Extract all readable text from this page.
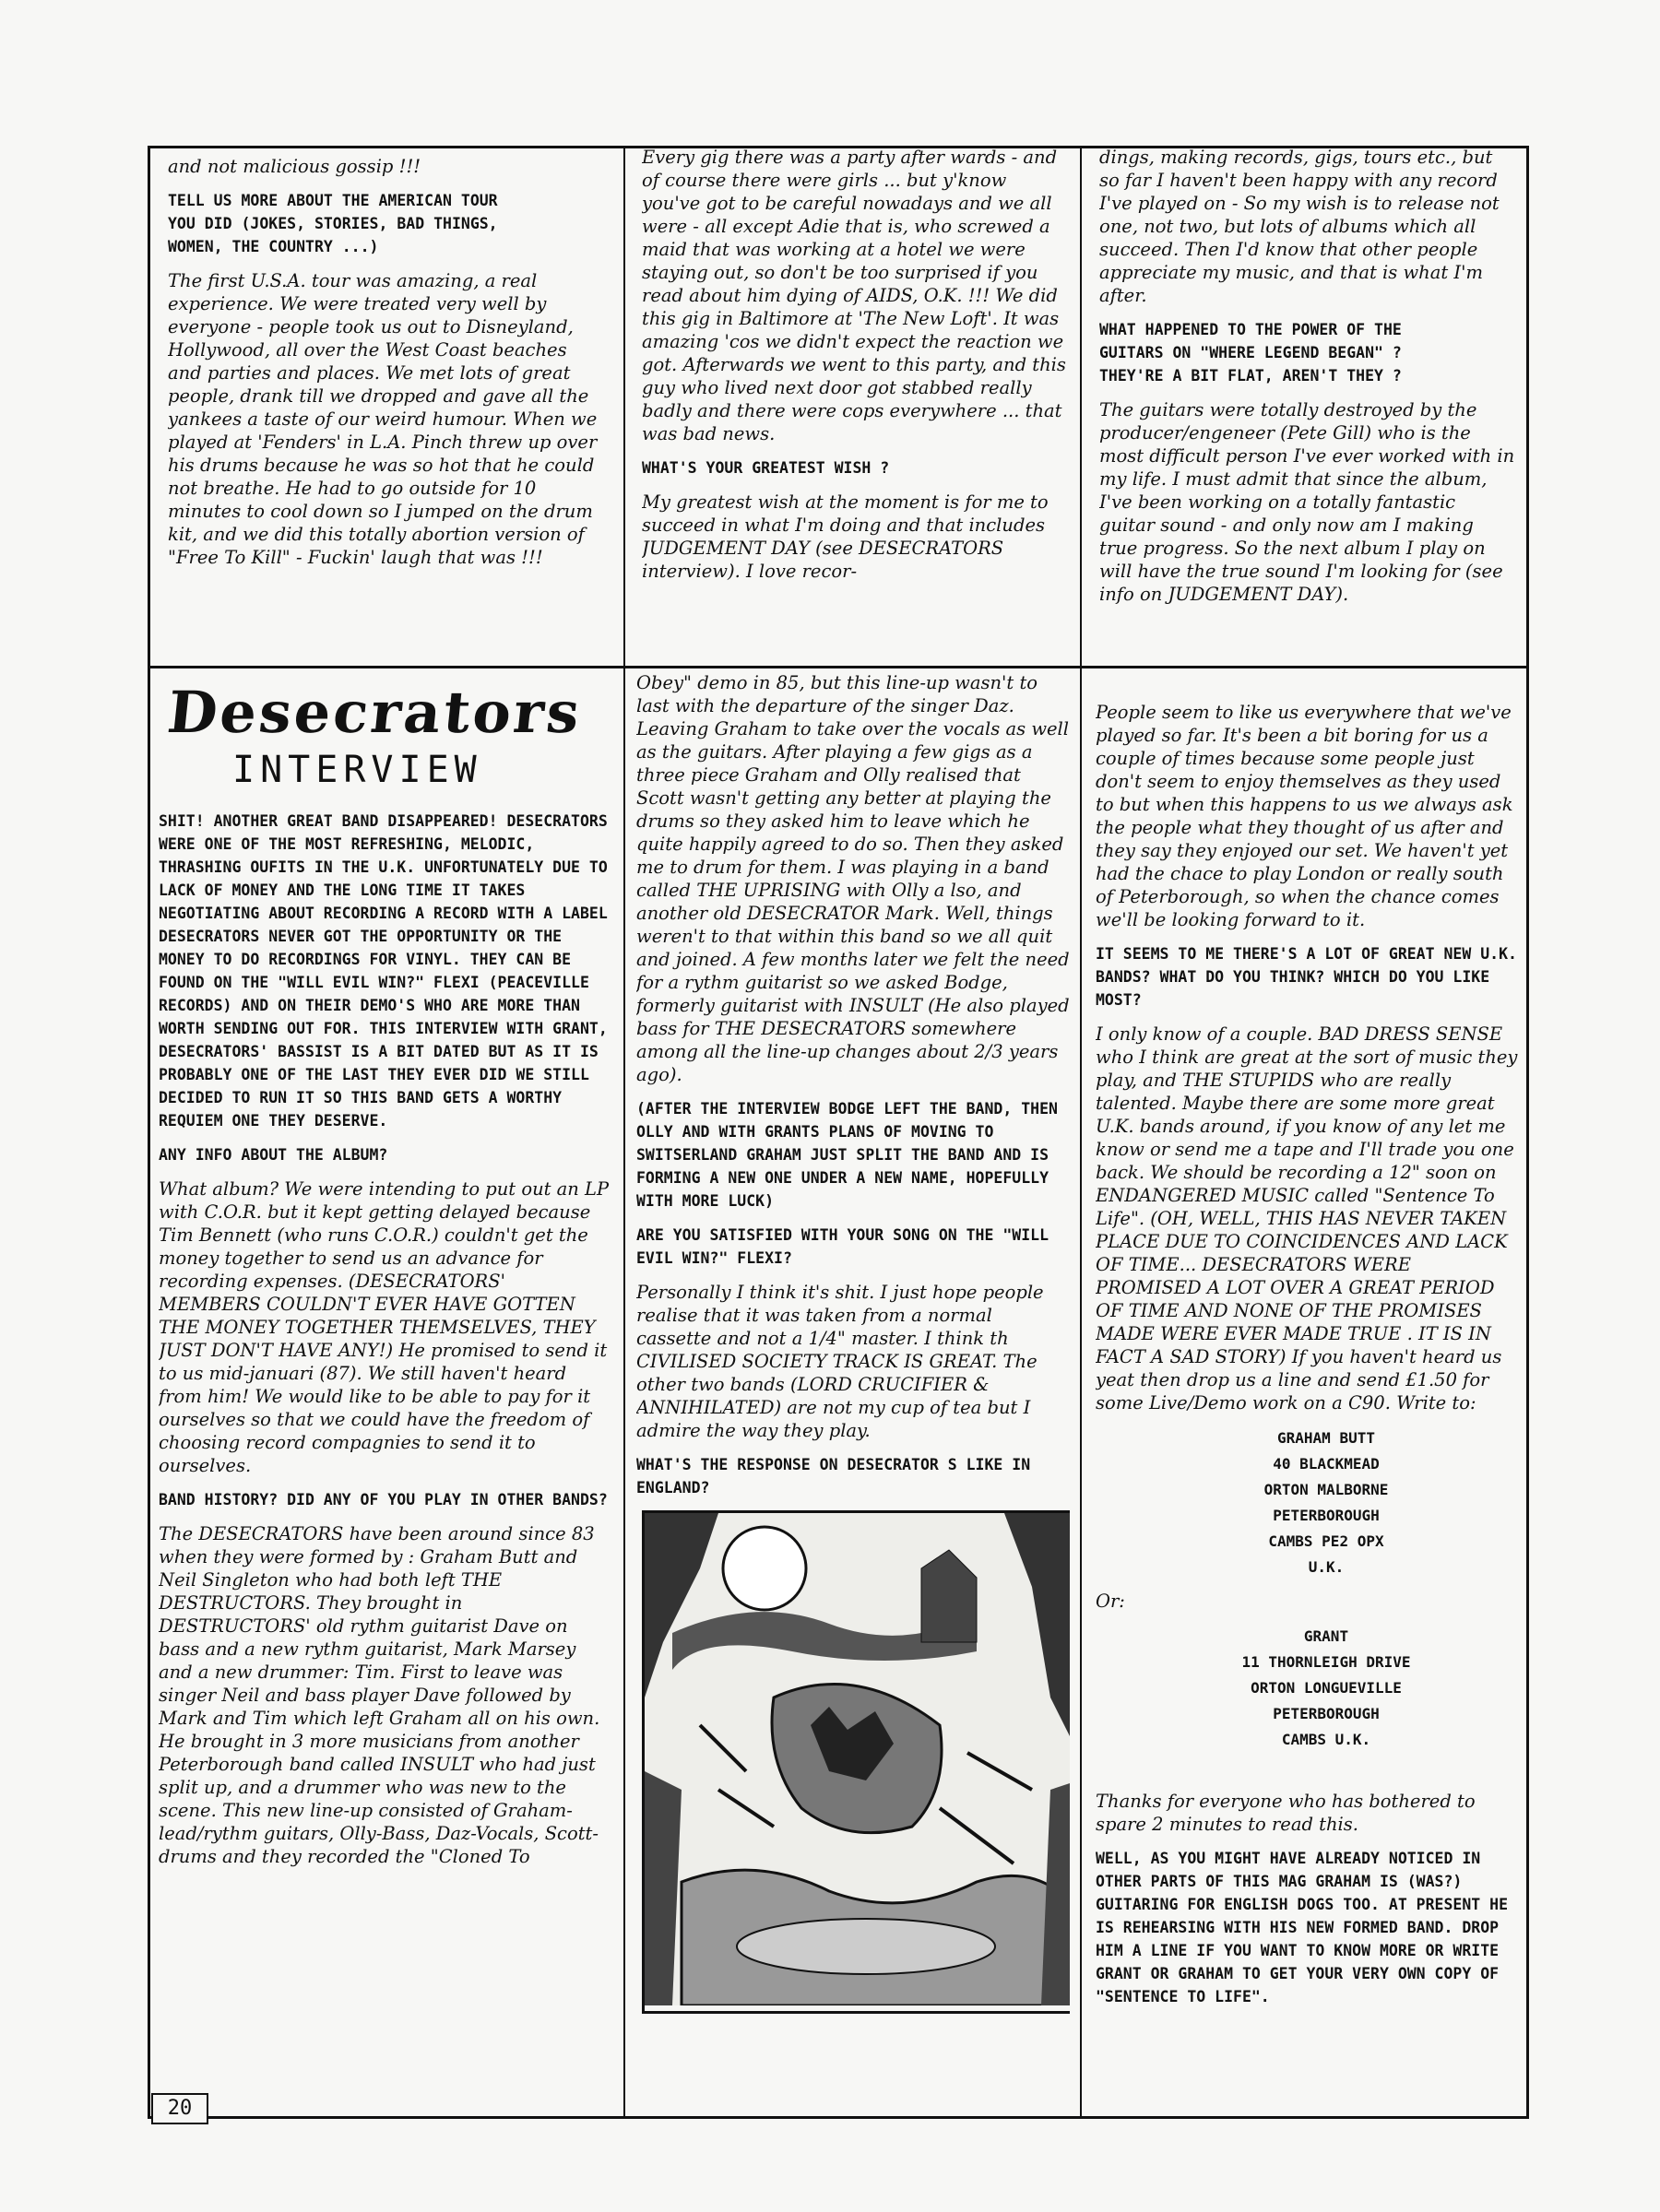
and not malicious gossip !!!

TELL US MORE ABOUT THE AMERICAN TOUR
YOU DID (JOKES, STORIES, BAD THINGS,
WOMEN, THE COUNTRY ...)

The first U.S.A. tour was amazing, a real experience. We were treated very well by everyone - people took us out to Disneyland, Hollywood, all over the West Coast beaches and parties and places. We met lots of great people, drank till we dropped and gave all the yankees a taste of our weird humour. When we played at 'Fenders' in L.A. Pinch threw up over his drums because he was so hot that he could not breathe. He had to go outside for 10 minutes to cool down so I jumped on the drum kit, and we did this totally abortion version of "Free To Kill" - Fuckin' laugh that was !!!

Every gig there was a party after wards - and of course there were girls ... but y'know you've got to be careful nowadays and we all were - all except Adie that is, who screwed a maid that was working at a hotel we were staying out, so don't be too surprised if you read about him dying of AIDS, O.K. !!! We did this gig in Baltimore at 'The New Loft'. It was amazing 'cos we didn't expect the reaction we got. Afterwards we went to this party, and this guy who lived next door got stabbed really badly and there were cops everywhere ... that was bad news.

WHAT'S YOUR GREATEST WISH ?

My greatest wish at the moment is for me to succeed in what I'm doing and that includes JUDGEMENT DAY (see DESECRATORS interview). I love recor-

dings, making records, gigs, tours etc., but so far I haven't been happy with any record I've played on - So my wish is to release not one, not two, but lots of albums which all succeed. Then I'd know that other people appreciate my music, and that is what I'm after.

WHAT HAPPENED TO THE POWER OF THE
GUITARS ON "WHERE LEGEND BEGAN" ?
THEY'RE A BIT FLAT, AREN'T THEY ?

The guitars were totally destroyed by the producer/engeneer (Pete Gill) who is the most difficult person I've ever worked with in my life. I must admit that since the album, I've been working on a totally fantastic guitar sound - and only now am I making true progress. So the next album I play on will have the true sound I'm looking for (see info on JUDGEMENT DAY).

Desecrators
INTERVIEW

SHIT! ANOTHER GREAT BAND DISAPPEARED! DESECRATORS WERE ONE OF THE MOST REFRESHING, MELODIC, THRASHING OUFITS IN THE U.K. UNFORTUNATELY DUE TO LACK OF MONEY AND THE LONG TIME IT TAKES NEGOTIATING ABOUT RECORDING A RECORD WITH A LABEL DESECRATORS NEVER GOT THE OPPORTUNITY OR THE MONEY TO DO RECORDINGS FOR VINYL. THEY CAN BE FOUND ON THE "WILL EVIL WIN?" FLEXI (PEACEVILLE RECORDS) AND ON THEIR DEMO'S WHO ARE MORE THAN WORTH SENDING OUT FOR. THIS INTERVIEW WITH GRANT, DESECRATORS' BASSIST IS A BIT DATED BUT AS IT IS PROBABLY ONE OF THE LAST THEY EVER DID WE STILL DECIDED TO RUN IT SO THIS BAND GETS A WORTHY REQUIEM ONE THEY DESERVE.

ANY INFO ABOUT THE ALBUM?

What album? We were intending to put out an LP with C.O.R. but it kept getting delayed because Tim Bennett (who runs C.O.R.) couldn't get the money together to send us an advance for recording expenses. (DESECRATORS' MEMBERS COULDN'T EVER HAVE GOTTEN THE MONEY TOGETHER THEMSELVES, THEY JUST DON'T HAVE ANY!) He promised to send it to us mid-januari (87). We still haven't heard from him! We would like to be able to pay for it ourselves so that we could have the freedom of choosing record compagnies to send it to ourselves.

BAND HISTORY? DID ANY OF YOU PLAY IN OTHER BANDS?

The DESECRATORS have been around since 83 when they were formed by : Graham Butt and Neil Singleton who had both left THE DESTRUCTORS. They brought in DESTRUCTORS' old rythm guitarist Dave on bass and a new rythm guitarist, Mark Marsey and a new drummer: Tim. First to leave was singer Neil and bass player Dave followed by Mark and Tim which left Graham all on his own. He brought in 3 more musicians from another Peterborough band called INSULT who had just split up, and a drummer who was new to the scene. This new line-up consisted of Graham-lead/rythm guitars, Olly-Bass, Daz-Vocals, Scott-drums and they recorded the "Cloned To

Obey" demo in 85, but this line-up wasn't to last with the departure of the singer Daz. Leaving Graham to take over the vocals as well as the guitars. After playing a few gigs as a three piece Graham and Olly realised that Scott wasn't getting any better at playing the drums so they asked him to leave which he quite happily agreed to do so. Then they asked me to drum for them. I was playing in a band called THE UPRISING with Olly a lso, and another old DESECRATOR Mark. Well, things weren't to that within this band so we all quit and joined. A few months later we felt the need for a rythm guitarist so we asked Bodge, formerly guitarist with INSULT (He also played bass for THE DESECRATORS somewhere among all the line-up changes about 2/3 years ago).

(AFTER THE INTERVIEW BODGE LEFT THE BAND, THEN OLLY AND WITH GRANTS PLANS OF MOVING TO SWITSERLAND GRAHAM JUST SPLIT THE BAND AND IS FORMING A NEW ONE UNDER A NEW NAME, HOPEFULLY WITH MORE LUCK)

ARE YOU SATISFIED WITH YOUR SONG ON THE "WILL EVIL WIN?" FLEXI?

Personally I think it's shit. I just hope people realise that it was taken from a normal cassette and not a 1/4" master. I think th CIVILISED SOCIETY TRACK IS GREAT. The other two bands (LORD CRUCIFIER & ANNIHILATED) are not my cup of tea but I admire the way they play.

WHAT'S THE RESPONSE ON DESECRATOR S LIKE IN ENGLAND?

People seem to like us everywhere that we've played so far. It's been a bit boring for us a couple of times because some people just don't seem to enjoy themselves as they used to but when this happens to us we always ask the people what they thought of us after and they say they enjoyed our set. We haven't yet had the chace to play London or really south of Peterborough, so when the chance comes we'll be looking forward to it.

IT SEEMS TO ME THERE'S A LOT OF GREAT NEW U.K. BANDS? WHAT DO YOU THINK? WHICH DO YOU LIKE MOST?

I only know of a couple. BAD DRESS SENSE who I think are great at the sort of music they play, and THE STUPIDS who are really talented. Maybe there are some more great U.K. bands around, if you know of any let me know or send me a tape and I'll trade you one back. We should be recording a 12" soon on ENDANGERED MUSIC called "Sentence To Life". (OH, WELL, THIS HAS NEVER TAKEN PLACE DUE TO COINCIDENCES AND LACK OF TIME... DESECRATORS WERE PROMISED A LOT OVER A GREAT PERIOD OF TIME AND NONE OF THE PROMISES MADE WERE EVER MADE TRUE . IT IS IN FACT A SAD STORY) If you haven't heard us yeat then drop us a line and send £1.50 for some Live/Demo work on a C90. Write to:

GRAHAM BUTT
40 BLACKMEAD
ORTON MALBORNE
PETERBOROUGH
CAMBS PE2 OPX
U.K.
Or:
GRANT
11 THORNLEIGH DRIVE
ORTON LONGUEVILLE
PETERBOROUGH
CAMBS U.K.

Thanks for everyone who has bothered to spare 2 minutes to read this.

WELL, AS YOU MIGHT HAVE ALREADY NOTICED IN OTHER PARTS OF THIS MAG GRAHAM IS (WAS?) GUITARING FOR ENGLISH DOGS TOO. AT PRESENT HE IS REHEARSING WITH HIS NEW FORMED BAND. DROP HIM A LINE IF YOU WANT TO KNOW MORE OR WRITE GRANT OR GRAHAM TO GET YOUR VERY OWN COPY OF "SENTENCE TO LIFE".

20
